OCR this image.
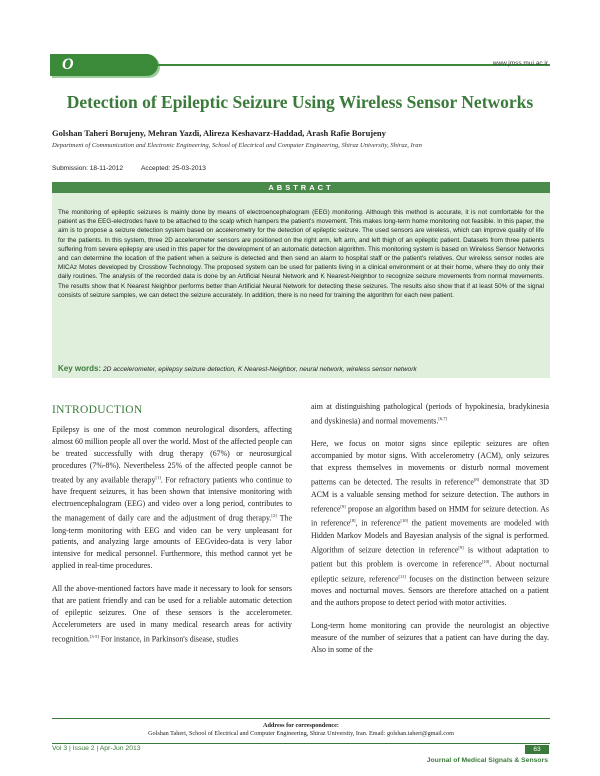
O
riginal Article
www.jmss.mui.ac.ir
Detection of Epileptic Seizure Using Wireless Sensor Networks
Golshan Taheri Borujeny, Mehran Yazdi, Alireza Keshavarz-Haddad, Arash Rafie Borujeny
Department of Communication and Electronic Engineering, School of Electrical and Computer Engineering, Shiraz University, Shiraz, Iran
Submission: 18-11-2012	Accepted: 25-03-2013
ABSTRACT
The monitoring of epileptic seizures is mainly done by means of electroencephalogram (EEG) monitoring. Although this method is accurate, it is not comfortable for the patient as the EEG-electrodes have to be attached to the scalp which hampers the patient's movement. This makes long-term home monitoring not feasible. In this paper, the aim is to propose a seizure detection system based on accelerometry for the detection of epileptic seizure. The used sensors are wireless, which can improve quality of life for the patients. In this system, three 2D accelerometer sensors are positioned on the right arm, left arm, and left thigh of an epileptic patient. Datasets from three patients suffering from severe epilepsy are used in this paper for the development of an automatic detection algorithm. This monitoring system is based on Wireless Sensor Networks and can determine the location of the patient when a seizure is detected and then send an alarm to hospital staff or the patient's relatives. Our wireless sensor nodes are MICAz Motes developed by Crossbow Technology. The proposed system can be used for patients living in a clinical environment or at their home, where they do only their daily routines. The analysis of the recorded data is done by an Artificial Neural Network and K Nearest-Neighbor to recognize seizure movements from normal movements. The results show that K Nearest Neighbor performs better than Artificial Neural Network for detecting these seizures. The results also show that if at least 50% of the signal consists of seizure samples, we can detect the seizure accurately. In addition, there is no need for training the algorithm for each new patient.
Key words: 2D accelerometer, epilepsy seizure detection, K Nearest-Neighbor, neural network, wireless sensor network
INTRODUCTION

Epilepsy is one of the most common neurological disorders, affecting almost 60 million people all over the world. Most of the affected people can be treated successfully with drug therapy (67%) or neurosurgical procedures (7%-8%). Nevertheless 25% of the affected people cannot be treated by any available therapy[1]. For refractory patients who continue to have frequent seizures, it has been shown that intensive monitoring with electroencephalogram (EEG) and video over a long period, contributes to the management of daily care and the adjustment of drug therapy.[2] The long-term monitoring with EEG and video can be very unpleasant for patients, and analyzing large amounts of EEGvideo-data is very labor intensive for medical personnel. Furthermore, this method cannot yet be applied in real-time procedures.

All the above-mentioned factors have made it necessary to look for sensors that are patient friendly and can be used for a reliable automatic detection of epileptic seizures. One of these sensors is the accelerometer. Accelerometers are used in many medical research areas for activity recognition.[3-5] For instance, in Parkinson's disease, studies

aim at distinguishing pathological (periods of hypokinesia, bradykinesia and dyskinesia) and normal movements.[6,7]

Here, we focus on motor signs since epileptic seizures are often accompanied by motor signs. With accelerometry (ACM), only seizures that express themselves in movements or disturb normal movement patterns can be detected. The results in reference[8] demonstrate that 3D ACM is a valuable sensing method for seizure detection. The authors in reference[9] propose an algorithm based on HMM for seizure detection. As in reference[8], in reference[10] the patient movements are modeled with Hidden Markov Models and Bayesian analysis of the signal is performed. Algorithm of seizure detection in reference[9] is without adaptation to patient but this problem is overcome in reference[10]. About nocturnal epileptic seizure, reference[11] focuses on the distinction between seizure moves and nocturnal moves. Sensors are therefore attached on a patient and the authors propose to detect period with motor activities.

Long-term home monitoring can provide the neurologist an objective measure of the number of seizures that a patient can have during the day. Also in some of the

Address for correspondence:
Golshan Taheri, School of Electrical and Computer Engineering, Shiraz University, Iran. Email: golshan.taheri@gmail.com
Vol 3 | Issue 2 | Apr-Jun 2013	63
Journal of Medical Signals & Sensors
